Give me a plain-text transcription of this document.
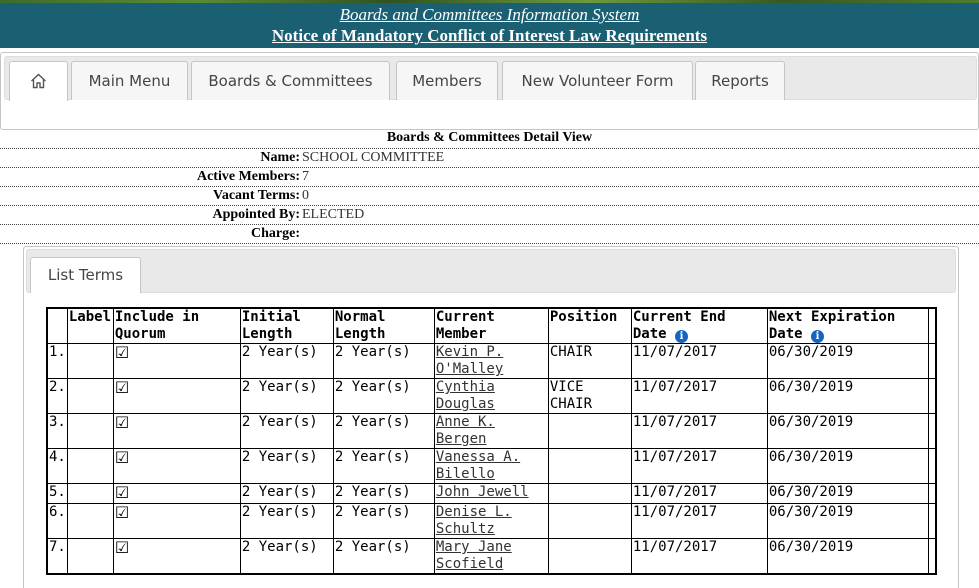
Boards and Committees Information System
Notice of Mandatory Conflict of Interest Law Requirements
Main Menu	Boards & Committees	Members	New Volunteer Form	Reports
Boards & Committees Detail View
Name: SCHOOL COMMITTEE
Active Members: 7
Vacant Terms: 0
Appointed By: ELECTED
Charge:
List Terms
	Label	Include in Quorum	Initial Length	Normal Length	Current Member	Position	Current End Date i	Next Expiration Date i	
1.		☑	2 Year(s)	2 Year(s)	Kevin P. O'Malley	CHAIR	11/07/2017	06/30/2019	
2.		☑	2 Year(s)	2 Year(s)	Cynthia Douglas	VICE CHAIR	11/07/2017	06/30/2019	
3.		☑	2 Year(s)	2 Year(s)	Anne K. Bergen		11/07/2017	06/30/2019	
4.		☑	2 Year(s)	2 Year(s)	Vanessa A. Bilello		11/07/2017	06/30/2019	
5.		☑	2 Year(s)	2 Year(s)	John Jewell		11/07/2017	06/30/2019	
6.		☑	2 Year(s)	2 Year(s)	Denise L. Schultz		11/07/2017	06/30/2019	
7.		☑	2 Year(s)	2 Year(s)	Mary Jane Scofield		11/07/2017	06/30/2019	
